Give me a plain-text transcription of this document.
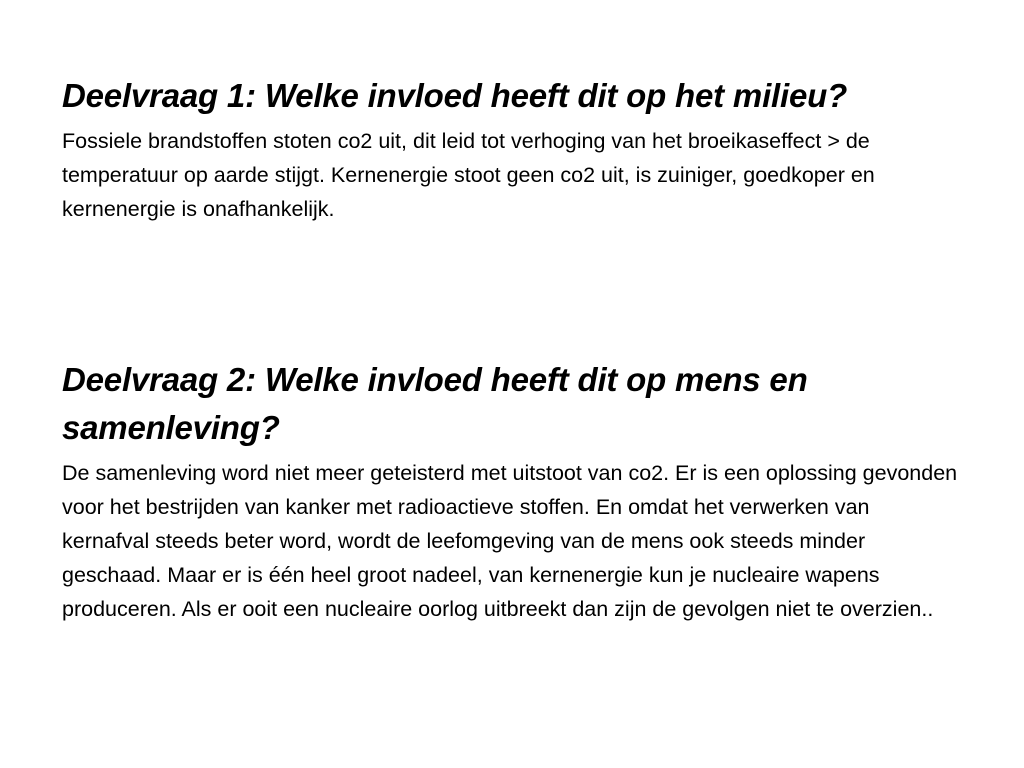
Deelvraag 1: Welke invloed heeft dit op het milieu?

Fossiele brandstoffen stoten co2 uit, dit leid tot verhoging van het broeikaseffect > de temperatuur op aarde stijgt. Kernenergie stoot geen co2 uit, is zuiniger, goedkoper en kernenergie is onafhankelijk.

Deelvraag 2: Welke invloed heeft dit op mens en samenleving?

De samenleving word niet meer geteisterd met uitstoot van co2. Er is een oplossing gevonden voor het bestrijden van kanker met radioactieve stoffen. En omdat het verwerken van kernafval steeds beter word, wordt de leefomgeving van de mens ook steeds minder geschaad. Maar er is één heel groot nadeel, van kernenergie kun je nucleaire wapens produceren. Als er ooit een nucleaire oorlog uitbreekt dan zijn de gevolgen niet te overzien..
